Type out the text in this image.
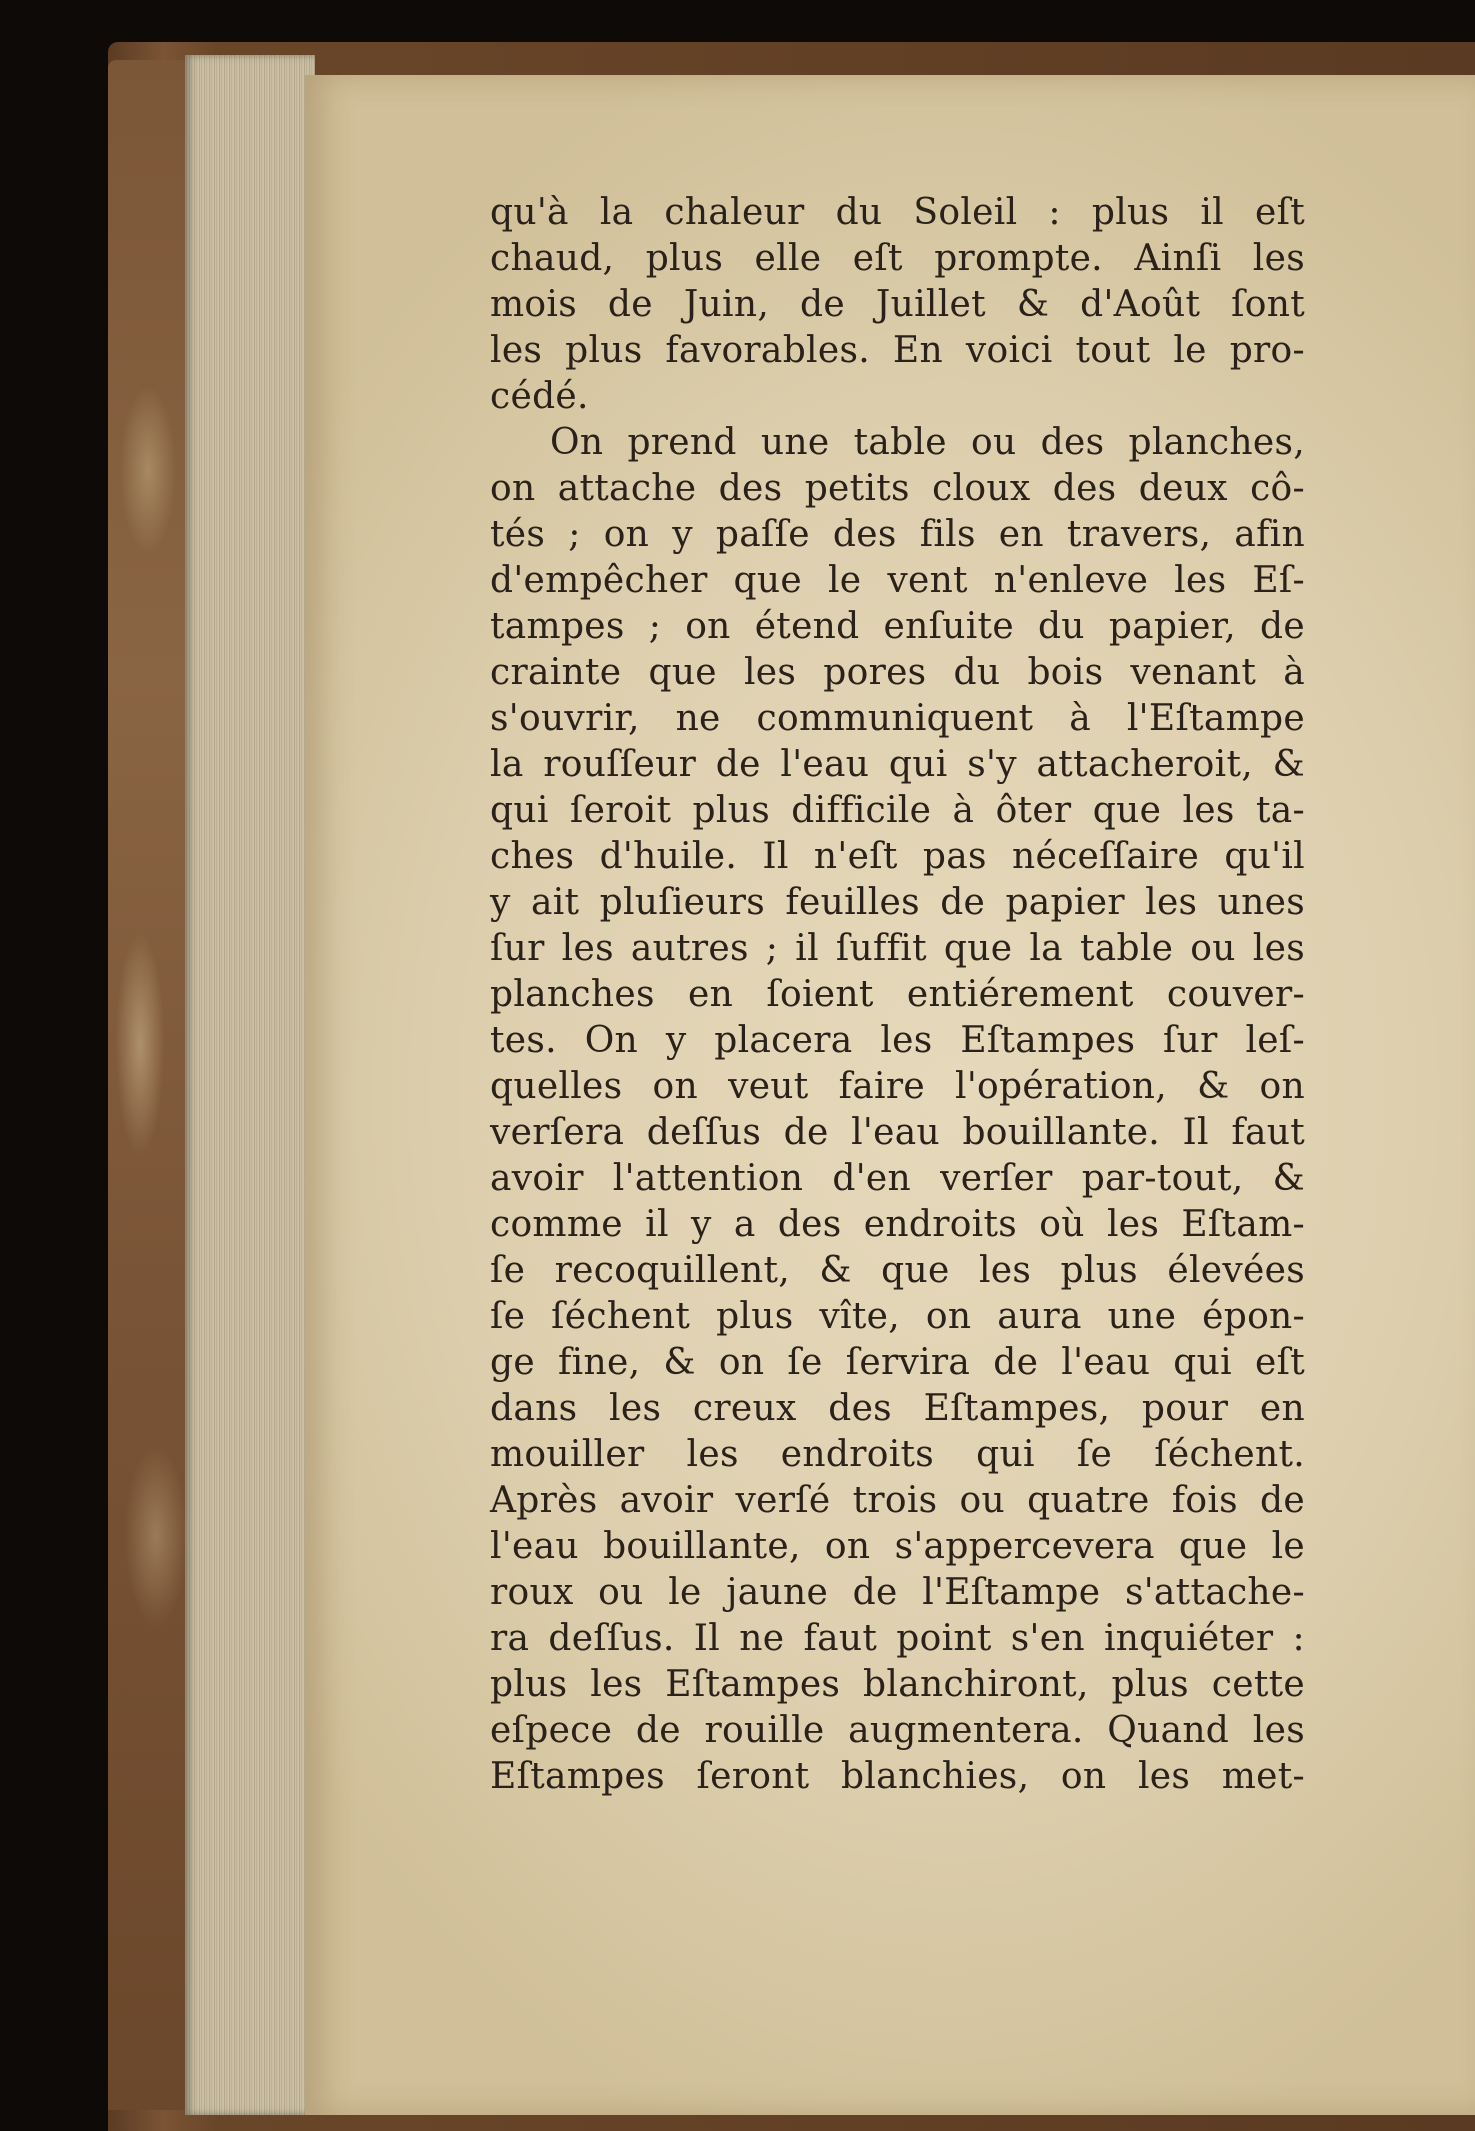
qu'à la chaleur du Soleil : plus il eſt
chaud, plus elle eſt prompte. Ainſi les
mois de Juin, de Juillet & d'Août ſont
les plus favorables. En voici tout le pro-
cédé.
On prend une table ou des planches,
on attache des petits cloux des deux cô-
tés ; on y paſſe des fils en travers, afin
d'empêcher que le vent n'enleve les Eſ-
tampes ; on étend enſuite du papier, de
crainte que les pores du bois venant à
s'ouvrir, ne communiquent à l'Eſtampe
la rouſſeur de l'eau qui s'y attacheroit, &
qui ſeroit plus difficile à ôter que les ta-
ches d'huile. Il n'eſt pas néceſſaire qu'il
y ait pluſieurs feuilles de papier les unes
ſur les autres ; il ſuffit que la table ou les
planches en ſoient entiérement couver-
tes. On y placera les Eſtampes ſur leſ-
quelles on veut faire l'opération, & on
verſera deſſus de l'eau bouillante. Il faut
avoir l'attention d'en verſer par-tout, &
comme il y a des endroits où les Eſtam-
ſe recoquillent, & que les plus élevées
ſe ſéchent plus vîte, on aura une épon-
ge fine, & on ſe ſervira de l'eau qui eſt
dans les creux des Eſtampes, pour en
mouiller les endroits qui ſe ſéchent.
Après avoir verſé trois ou quatre fois de
l'eau bouillante, on s'appercevera que le
roux ou le jaune de l'Eſtampe s'attache-
ra deſſus. Il ne faut point s'en inquiéter :
plus les Eſtampes blanchiront, plus cette
eſpece de rouille augmentera. Quand les
Eſtampes ſeront blanchies, on les met-
